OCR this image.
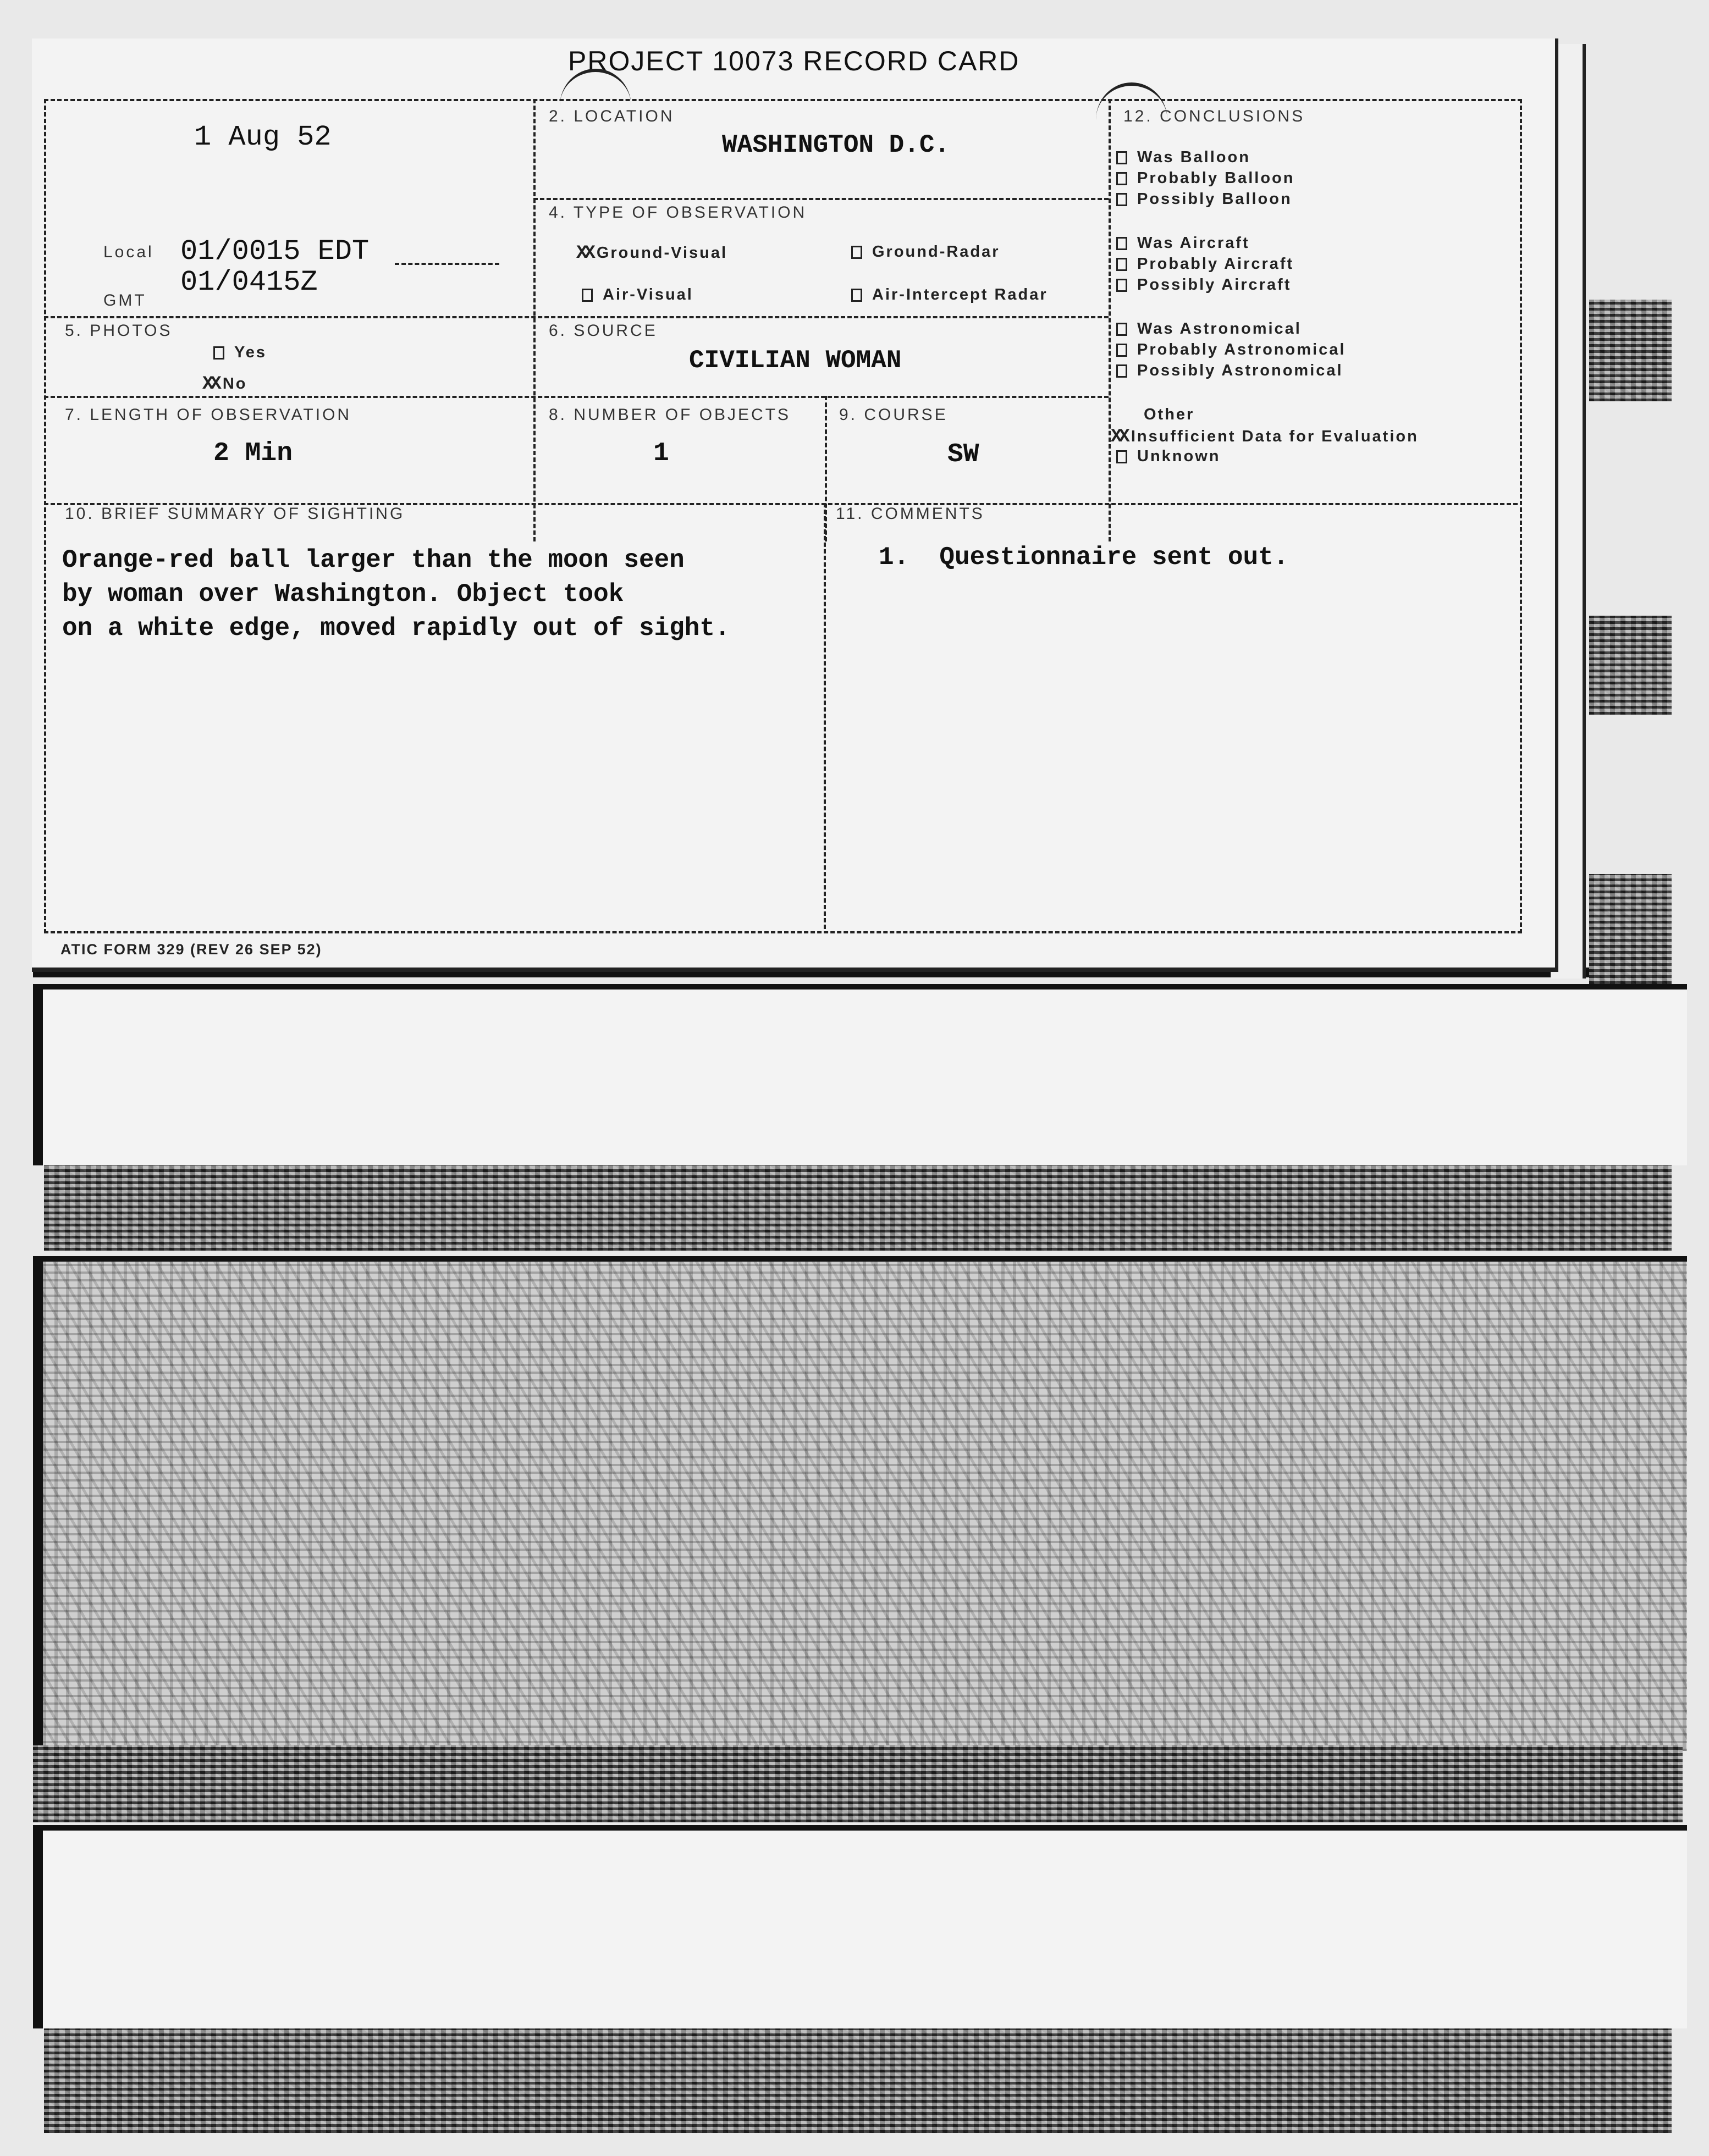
PROJECT 10073 RECORD CARD
1 Aug 52
2. LOCATION
WASHINGTON D.C.
Local 01/0015 EDT
GMT
01/0415Z
4. TYPE OF OBSERVATION
XX Ground-Visual	Ground-Radar
Air-Visual	Air-Intercept Radar
5. PHOTOS
Yes
XX No
6. SOURCE
CIVILIAN WOMAN
7. LENGTH OF OBSERVATION
2 Min
8. NUMBER OF OBJECTS
1
9. COURSE
SW
12. CONCLUSIONS
Was Balloon
Probably Balloon
Possibly Balloon
Was Aircraft
Probably Aircraft
Possibly Aircraft
Was Astronomical
Probably Astronomical
Possibly Astronomical
Other
XX Insufficient Data for Evaluation
Unknown
10. BRIEF SUMMARY OF SIGHTING
Orange-red ball larger than the moon seen
by woman over Washington. Object took
on a white edge, moved rapidly out of sight.
11. COMMENTS
1.  Questionnaire sent out.
ATIC FORM 329 (REV 26 SEP 52)
